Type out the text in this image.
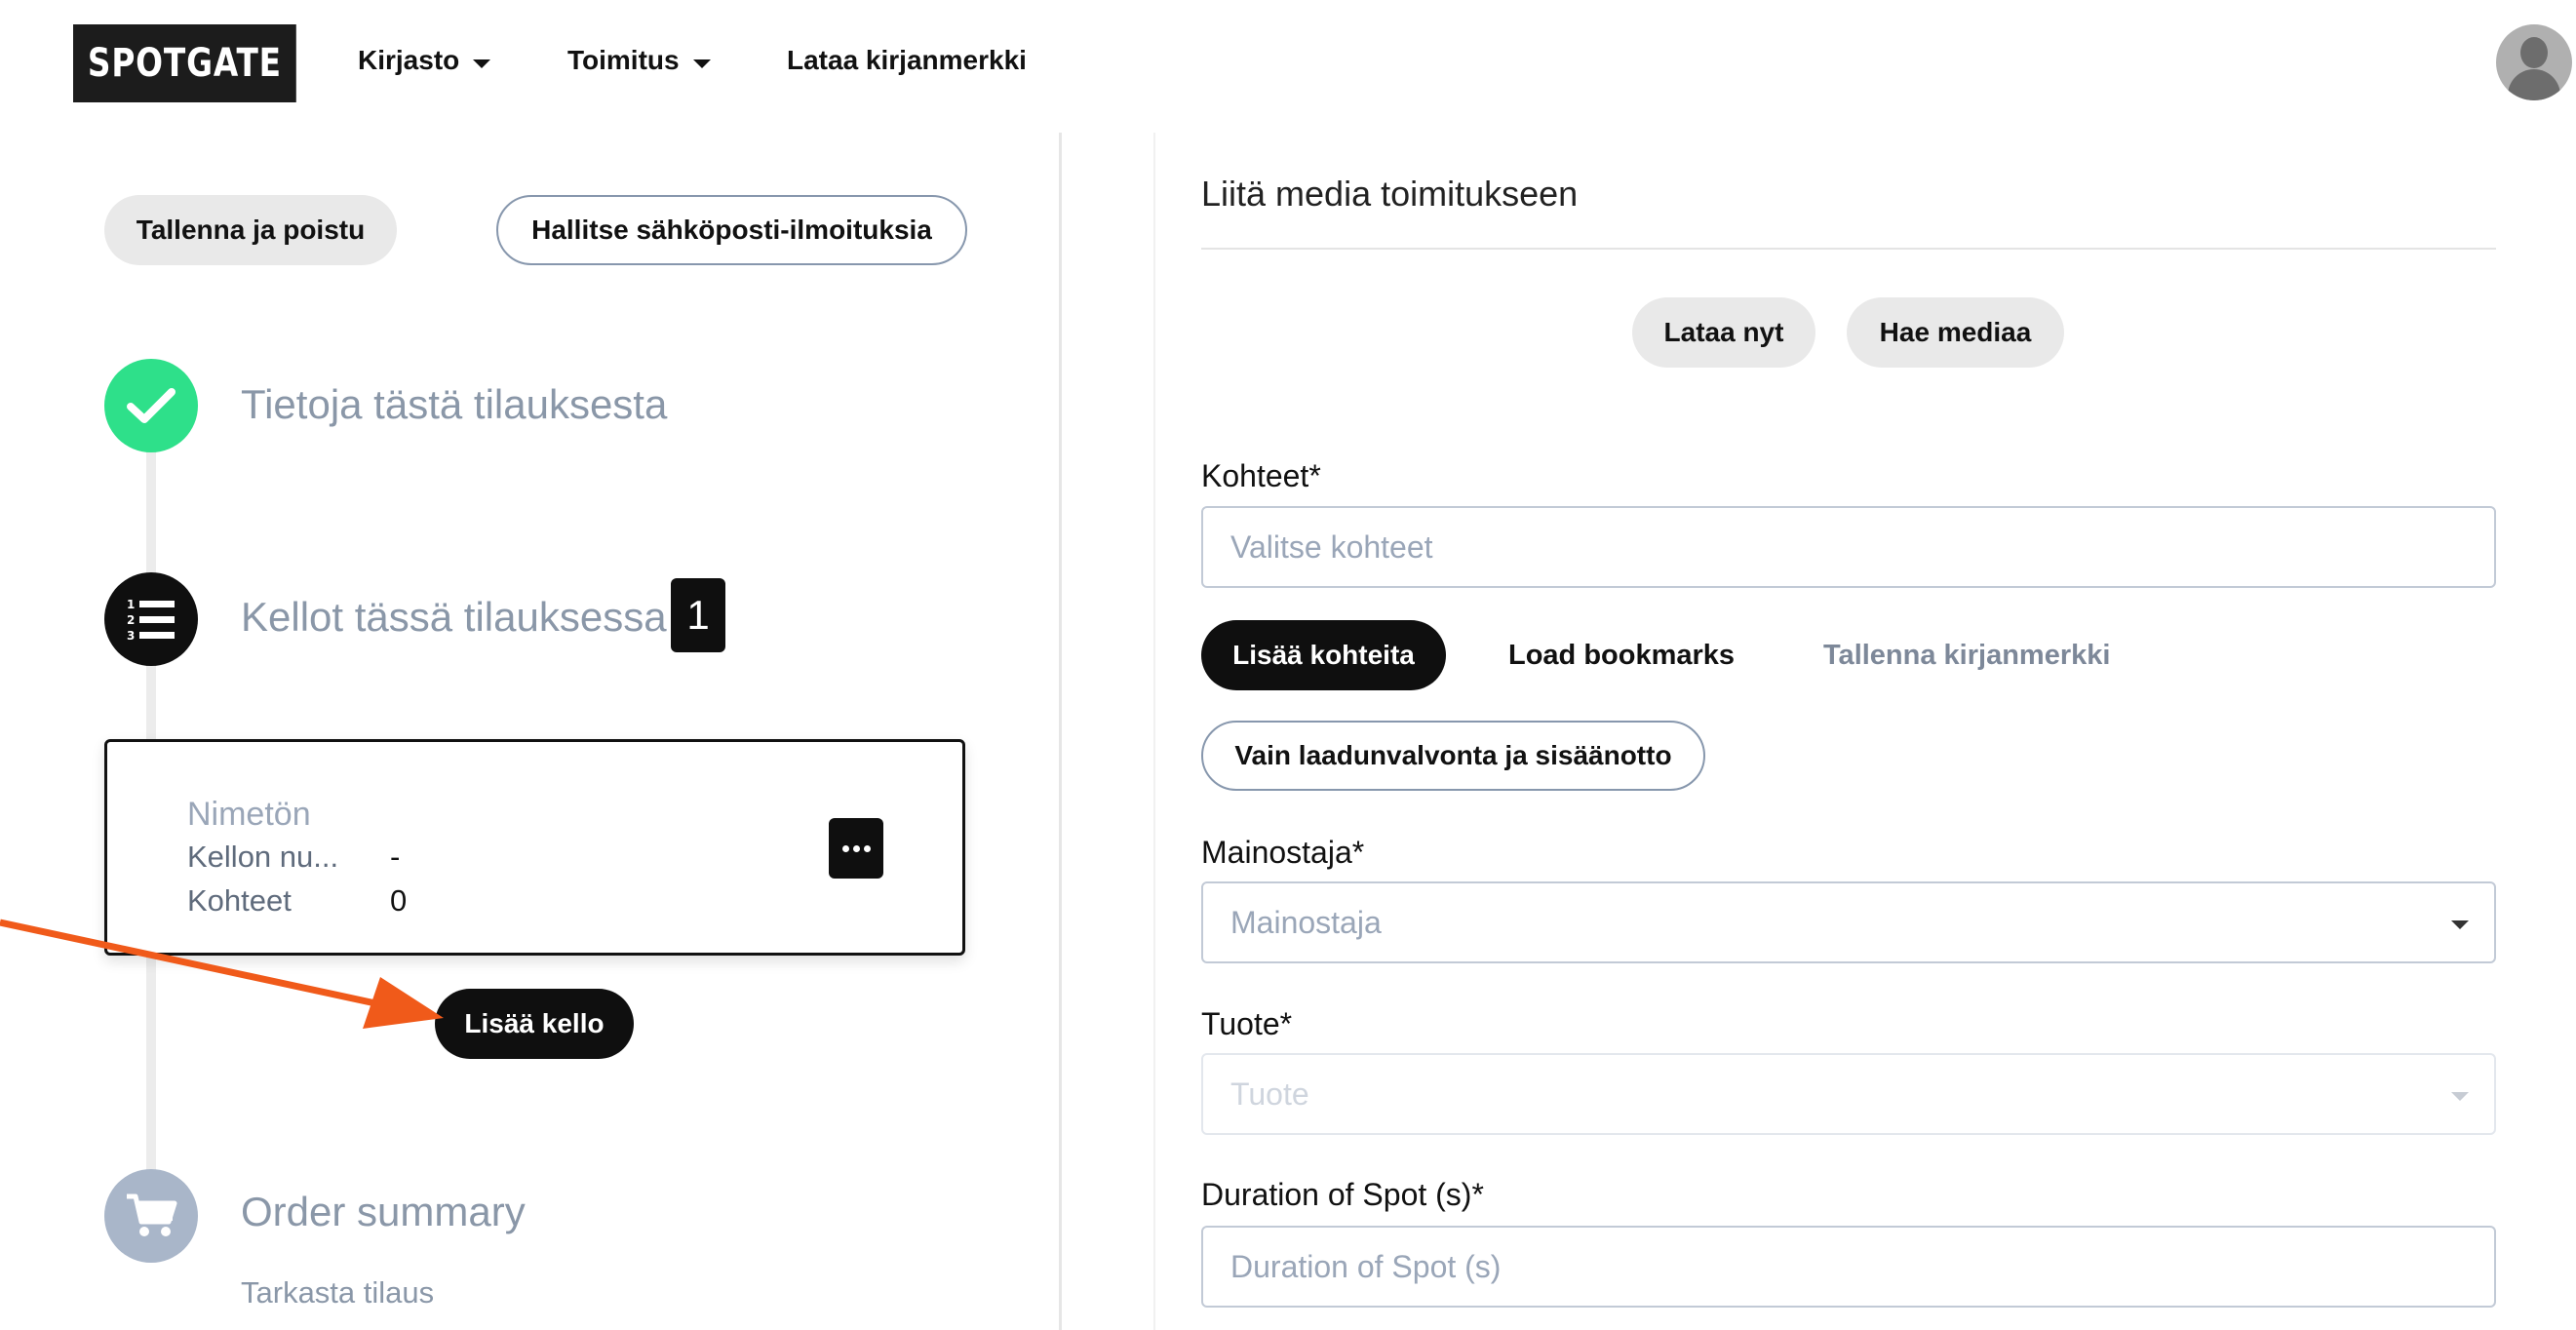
SPOTGATE	Kirjasto	Toimitus	Lataa kirjanmerkki
Tallenna ja poistu	Hallitse sähköposti-ilmoituksia
Tietoja tästä tilauksesta
1
2
3	Kellot tässä tilauksessa 1
Nimetön
Kellon nu... -
Kohteet	0
Lisää kello
Order summary
Tarkasta tilaus
Liitä media toimitukseen
Lataa nyt	Hae mediaa
Kohteet*
Valitse kohteet
Lisää kohteita	Load bookmarks	Tallenna kirjanmerkki
Vain laadunvalvonta ja sisäänotto
Mainostaja*
Mainostaja
Tuote*
Tuote
Duration of Spot (s)*
Duration of Spot (s)
